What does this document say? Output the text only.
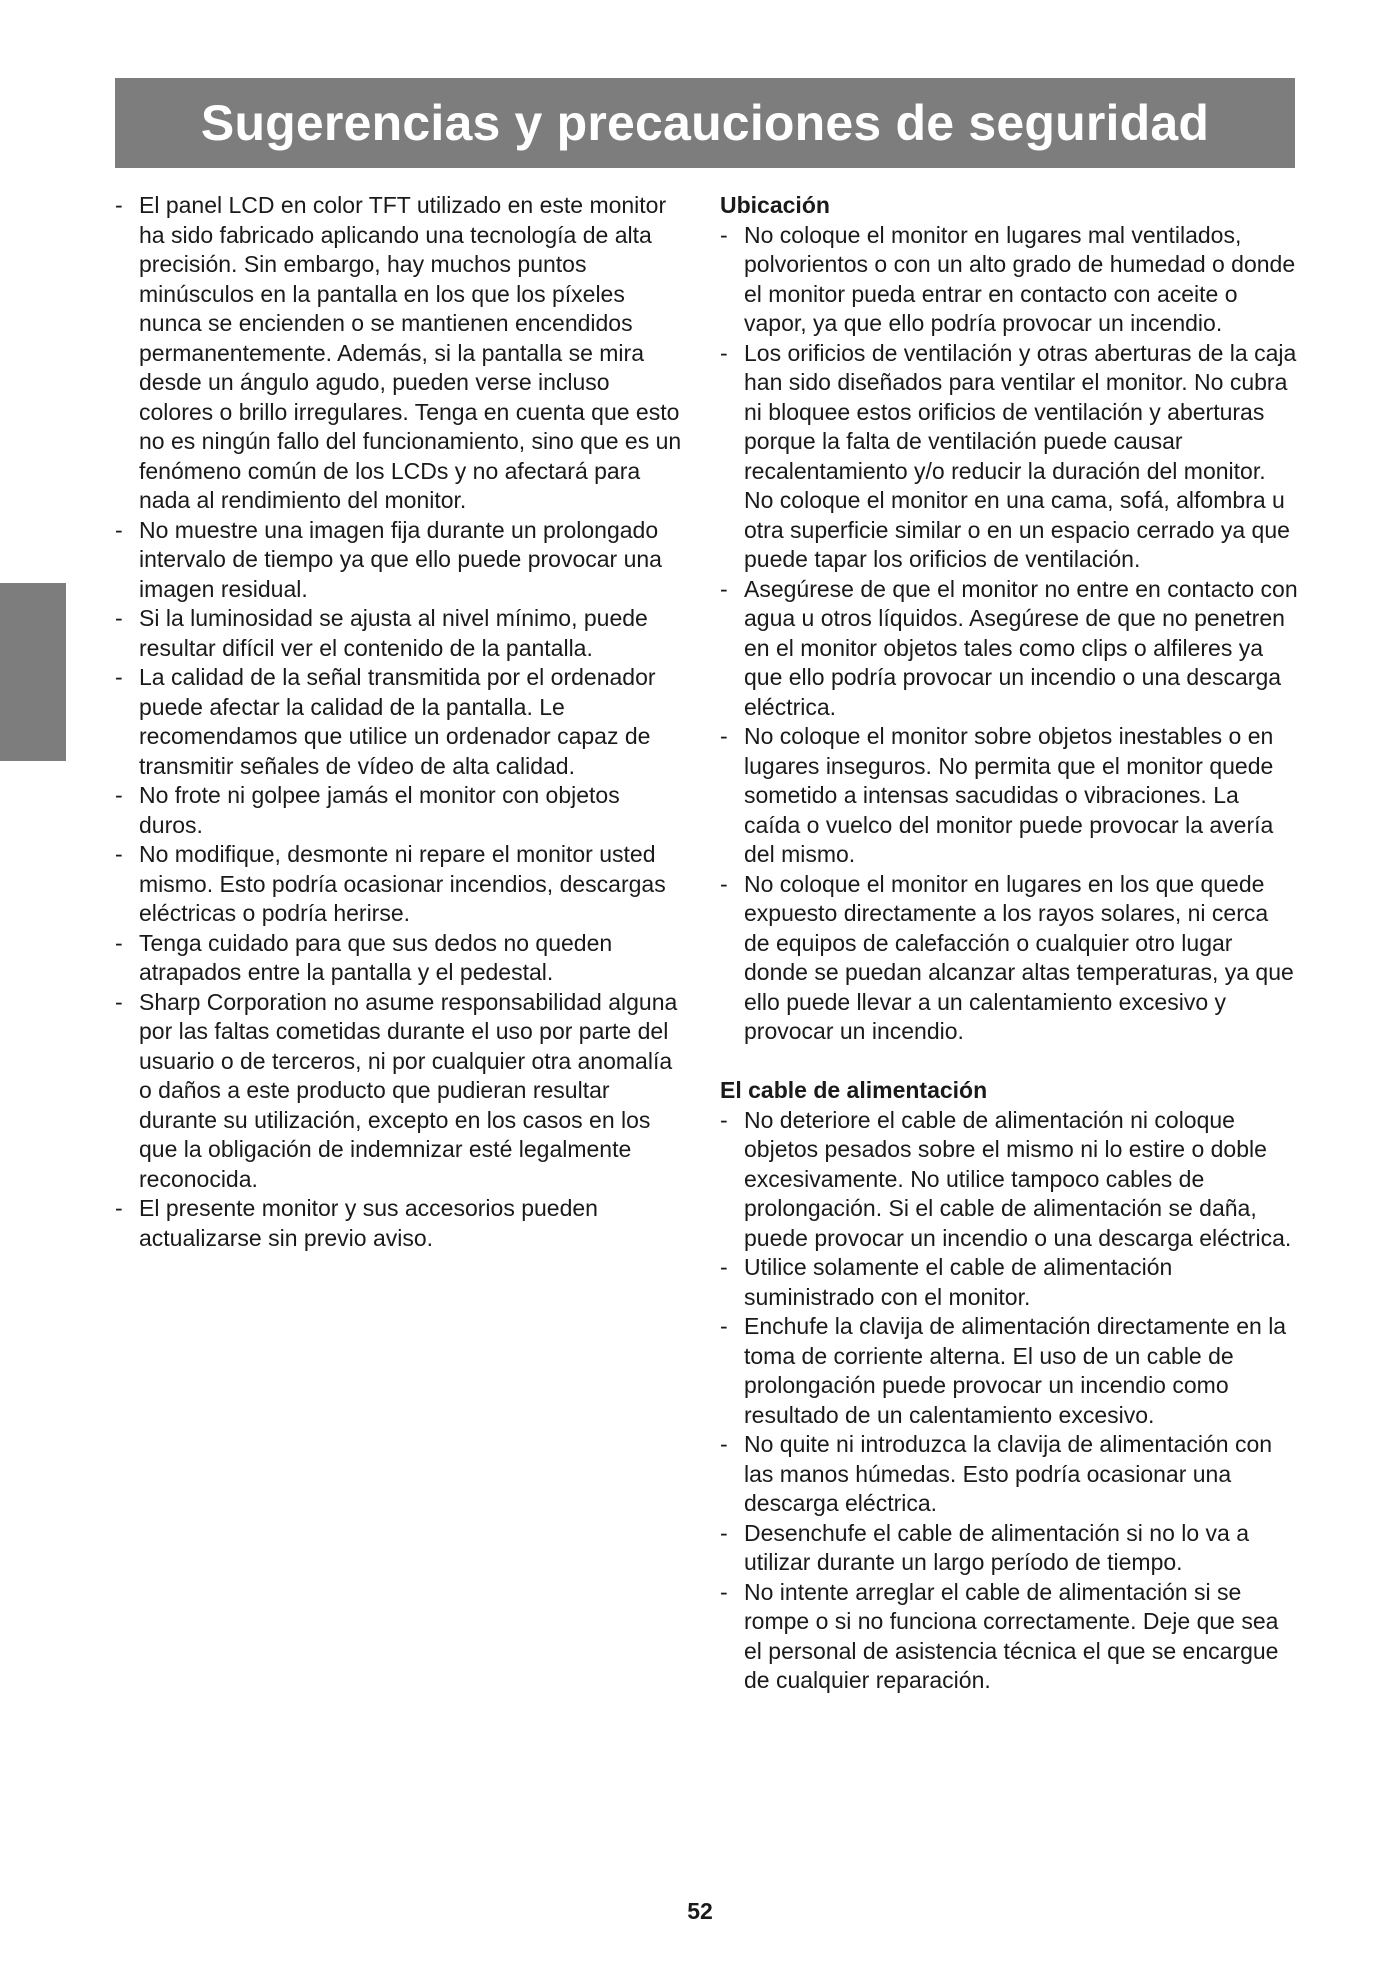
Sugerencias y precauciones de seguridad
- El panel LCD en color TFT utilizado en este monitor ha sido fabricado aplicando una tecnología de alta precisión. Sin embargo, hay muchos puntos minúsculos en la pantalla en los que los píxeles nunca se encienden o se mantienen encendidos permanentemente. Además, si la pantalla se mira desde un ángulo agudo, pueden verse incluso colores o brillo irregulares. Tenga en cuenta que esto no es ningún fallo del funcionamiento, sino que es un fenómeno común de los LCDs y no afectará para nada al rendimiento del monitor.
- No muestre una imagen fija durante un prolongado intervalo de tiempo ya que ello puede provocar una imagen residual.
- Si la luminosidad se ajusta al nivel mínimo, puede resultar difícil ver el contenido de la pantalla.
- La calidad de la señal transmitida por el ordenador puede afectar la calidad de la pantalla. Le recomendamos que utilice un ordenador capaz de transmitir señales de vídeo de alta calidad.
- No frote ni golpee jamás el monitor con objetos duros.
- No modifique, desmonte ni repare el monitor usted mismo. Esto podría ocasionar incendios, descargas eléctricas o podría herirse.
- Tenga cuidado para que sus dedos no queden atrapados entre la pantalla y el pedestal.
- Sharp Corporation no asume responsabilidad alguna por las faltas cometidas durante el uso por parte del usuario o de terceros, ni por cualquier otra anomalía o daños a este producto que pudieran resultar durante su utilización, excepto en los casos en los que la obligación de indemnizar esté legalmente reconocida.
- El presente monitor y sus accesorios pueden actualizarse sin previo aviso.
Ubicación
- No coloque el monitor en lugares mal ventilados, polvorientos o con un alto grado de humedad o donde el monitor pueda entrar en contacto con aceite o vapor, ya que ello podría provocar un incendio.
- Los orificios de ventilación y otras aberturas de la caja han sido diseñados para ventilar el monitor. No cubra ni bloquee estos orificios de ventilación y aberturas porque la falta de ventilación puede causar recalentamiento y/o reducir la duración del monitor. No coloque el monitor en una cama, sofá, alfombra u otra superficie similar o en un espacio cerrado ya que puede tapar los orificios de ventilación.
- Asegúrese de que el monitor no entre en contacto con agua u otros líquidos. Asegúrese de que no penetren en el monitor objetos tales como clips o alfileres ya que ello podría provocar un incendio o una descarga eléctrica.
- No coloque el monitor sobre objetos inestables o en lugares inseguros. No permita que el monitor quede sometido a intensas sacudidas o vibraciones. La caída o vuelco del monitor puede provocar la avería del mismo.
- No coloque el monitor en lugares en los que quede expuesto directamente a los rayos solares, ni cerca de equipos de calefacción o cualquier otro lugar donde se puedan alcanzar altas temperaturas, ya que ello puede llevar a un calentamiento excesivo y provocar un incendio.
El cable de alimentación
- No deteriore el cable de alimentación ni coloque objetos pesados sobre el mismo ni lo estire o doble excesivamente. No utilice tampoco cables de prolongación. Si el cable de alimentación se daña, puede provocar un incendio o una descarga eléctrica.
- Utilice solamente el cable de alimentación suministrado con el monitor.
- Enchufe la clavija de alimentación directamente en la toma de corriente alterna. El uso de un cable de prolongación puede provocar un incendio como resultado de un calentamiento excesivo.
- No quite ni introduzca la clavija de alimentación con las manos húmedas. Esto podría ocasionar una descarga eléctrica.
- Desenchufe el cable de alimentación si no lo va a utilizar durante un largo período de tiempo.
- No intente arreglar el cable de alimentación si se rompe o si no funciona correctamente. Deje que sea el personal de asistencia técnica el que se encargue de cualquier reparación.
52
